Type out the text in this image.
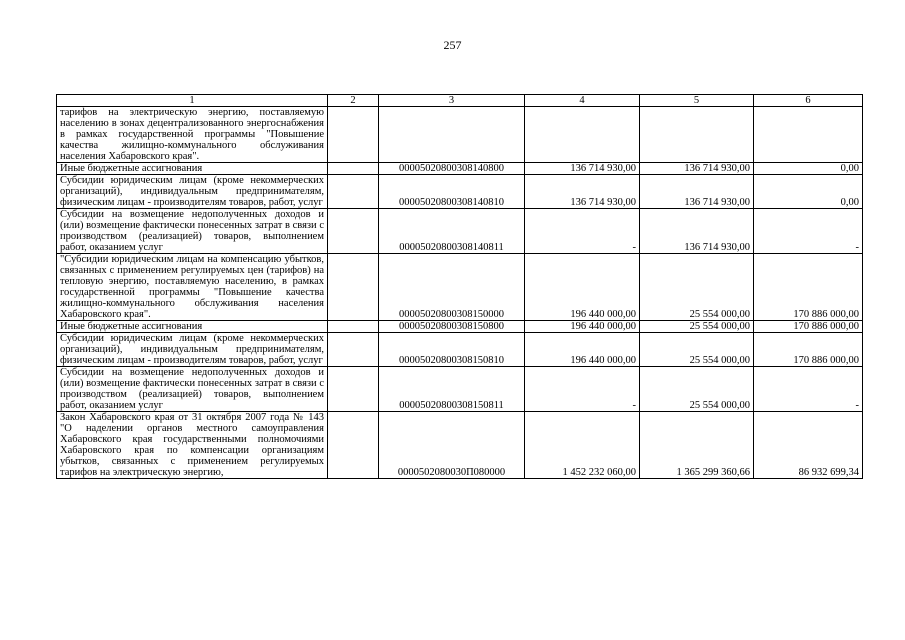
257
1	2	3	4	5	6
тарифов на электрическую энергию, поставляемую населению в зонах децентрализованного энергоснабжения в рамках государственной программы "Повышение качества жилищно-коммунального обслуживания населения Хабаровского края".					
Иные бюджетные ассигнования		00005020800308140800	136 714 930,00	136 714 930,00	0,00
Субсидии юридическим лицам (кроме некоммерческих организаций), индивидуальным предпринимателям, физическим лицам - производителям товаров, работ, услуг		00005020800308140810	136 714 930,00	136 714 930,00	0,00
Субсидии на возмещение недополученных доходов и (или) возмещение фактически понесенных затрат в связи с производством (реализацией) товаров, выполнением работ, оказанием услуг		00005020800308140811	-	136 714 930,00	-
"Субсидии юридическим лицам на компенсацию убытков, связанных с применением регулируемых цен (тарифов) на тепловую энергию, поставляемую населению, в рамках государственной программы "Повышение качества жилищно-коммунального обслуживания населения Хабаровского края".		00005020800308150000	196 440 000,00	25 554 000,00	170 886 000,00
Иные бюджетные ассигнования		00005020800308150800	196 440 000,00	25 554 000,00	170 886 000,00
Субсидии юридическим лицам (кроме некоммерческих организаций), индивидуальным предпринимателям, физическим лицам - производителям товаров, работ, услуг		00005020800308150810	196 440 000,00	25 554 000,00	170 886 000,00
Субсидии на возмещение недополученных доходов и (или) возмещение фактически понесенных затрат в связи с производством (реализацией) товаров, выполнением работ, оказанием услуг		00005020800308150811	-	25 554 000,00	-
Закон Хабаровского края от 31 октября 2007 года № 143 "О наделении органов местного самоуправления Хабаровского края государственными полномочиями Хабаровского края по компенсации организациям убытков, связанных с применением регулируемых тарифов на электрическую энергию,		0000502080030П080000	1 452 232 060,00	1 365 299 360,66	86 932 699,34
